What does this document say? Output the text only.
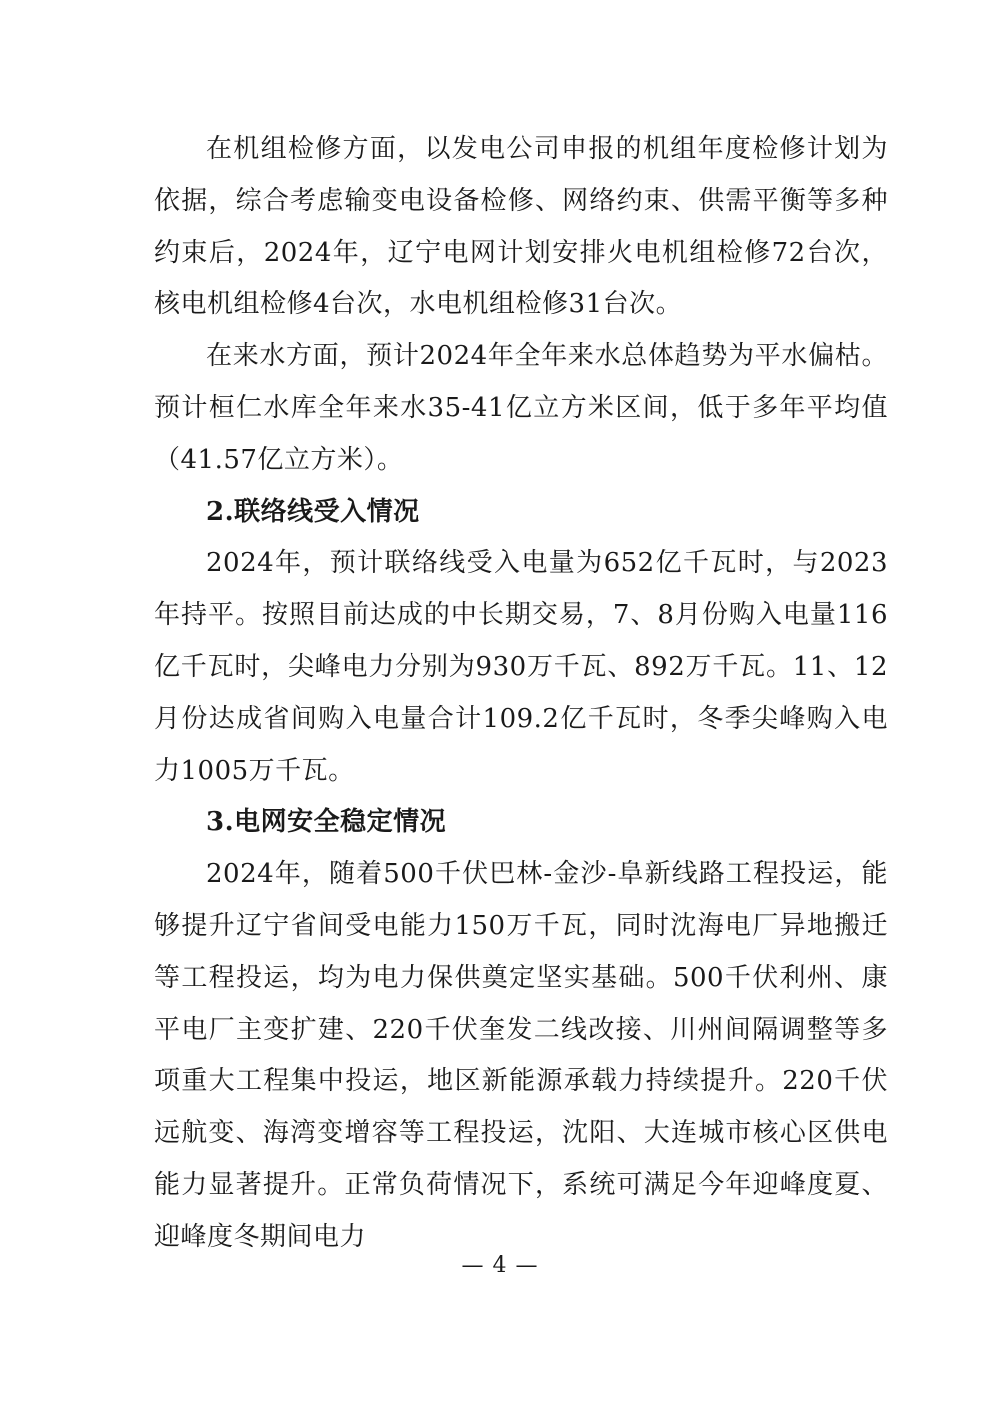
在机组检修方面，以发电公司申报的机组年度检修计划为依据，综合考虑输变电设备检修、网络约束、供需平衡等多种约束后，2024年，辽宁电网计划安排火电机组检修72台次，核电机组检修4台次，水电机组检修31台次。

在来水方面，预计2024年全年来水总体趋势为平水偏枯。预计桓仁水库全年来水35-41亿立方米区间，低于多年平均值（41.57亿立方米）。

2.联络线受入情况

2024年，预计联络线受入电量为652亿千瓦时，与2023年持平。按照目前达成的中长期交易，7、8月份购入电量116亿千瓦时，尖峰电力分别为930万千瓦、892万千瓦。11、12月份达成省间购入电量合计109.2亿千瓦时，冬季尖峰购入电力1005万千瓦。

3.电网安全稳定情况

2024年，随着500千伏巴林-金沙-阜新线路工程投运，能够提升辽宁省间受电能力150万千瓦，同时沈海电厂异地搬迁等工程投运，均为电力保供奠定坚实基础。500千伏利州、康平电厂主变扩建、220千伏奎发二线改接、川州间隔调整等多项重大工程集中投运，地区新能源承载力持续提升。220千伏远航变、海湾变增容等工程投运，沈阳、大连城市核心区供电能力显著提升。正常负荷情况下，系统可满足今年迎峰度夏、迎峰度冬期间电力

— 4 —
